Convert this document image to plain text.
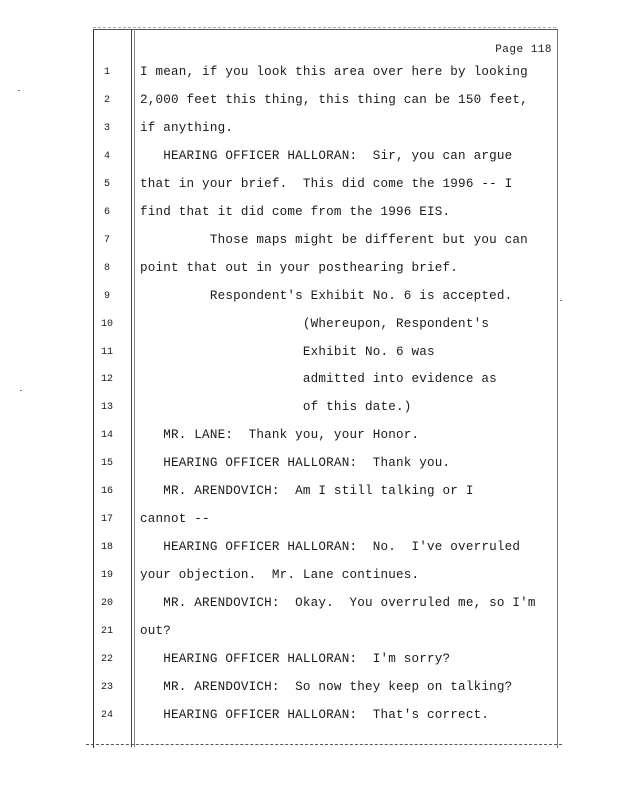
Page 118
1	I mean, if you look this area over here by looking
2	2,000 feet this thing, this thing can be 150 feet,
3	if anything.
4	HEARING OFFICER HALLORAN:  Sir, you can argue
5	that in your brief.  This did come the 1996 -- I
6	find that it did come from the 1996 EIS.
7	Those maps might be different but you can
8	point that out in your posthearing brief.
9	Respondent's Exhibit No. 6 is accepted.
10	(Whereupon, Respondent's
11	Exhibit No. 6 was
12	admitted into evidence as
13	of this date.)
14	MR. LANE:  Thank you, your Honor.
15	HEARING OFFICER HALLORAN:  Thank you.
16	MR. ARENDOVICH:  Am I still talking or I
17	cannot --
18	HEARING OFFICER HALLORAN:  No.  I've overruled
19	your objection.  Mr. Lane continues.
20	MR. ARENDOVICH:  Okay.  You overruled me, so I'm
21	out?
22	HEARING OFFICER HALLORAN:  I'm sorry?
23	MR. ARENDOVICH:  So now they keep on talking?
24	HEARING OFFICER HALLORAN:  That's correct.
